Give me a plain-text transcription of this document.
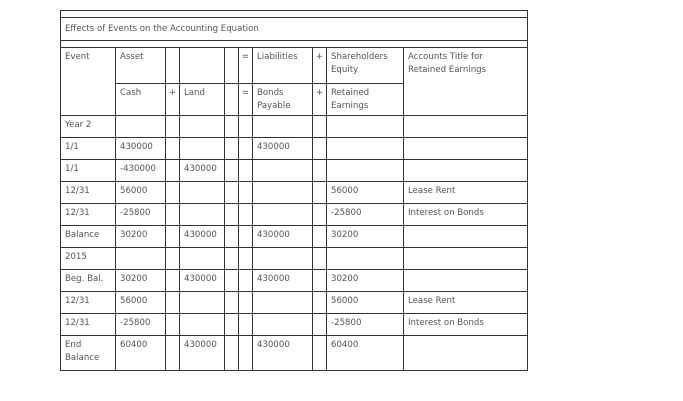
Effects of Events on the Accounting Equation									

Event	Asset				=	Liabilities	+	Shareholders Equity	Accounts Title for Retained Earnings
	Cash	+	Land		=	Bonds Payable	+	Retained Earnings	
Year 2									
1/1	430000					430000			
1/1	-430000		430000						
12/31	56000							56000	Lease Rent
12/31	-25800							-25800	Interest on Bonds
Balance	30200		430000			430000		30200	
2015									
Beg. Bal.	30200		430000			430000		30200	
12/31	56000							56000	Lease Rent
12/31	-25800							-25800	Interest on Bonds
End Balance	60400		430000			430000		60400	
